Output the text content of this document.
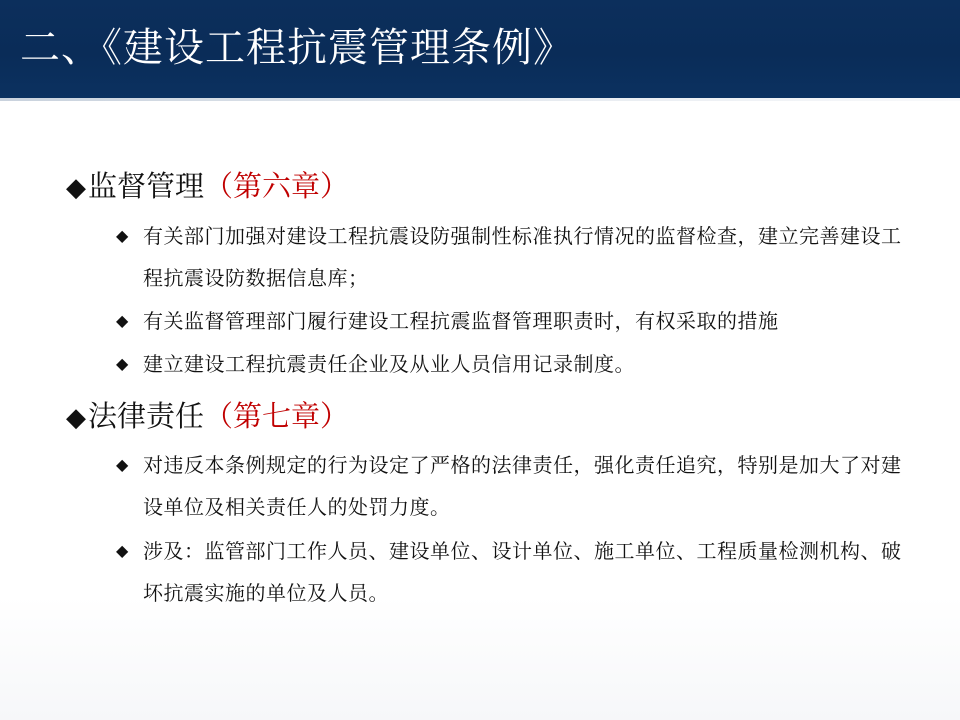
二、《建设工程抗震管理条例》
◆监督管理（第六章）
◆ 有关部门加强对建设工程抗震设防强制性标准执行情况的监督检查，建立完善建设工程抗震设防数据信息库；
◆ 有关监督管理部门履行建设工程抗震监督管理职责时，有权采取的措施
◆ 建立建设工程抗震责任企业及从业人员信用记录制度。
◆法律责任（第七章）
◆ 对违反本条例规定的行为设定了严格的法律责任，强化责任追究，特别是加大了对建设单位及相关责任人的处罚力度。
◆ 涉及：监管部门工作人员、建设单位、设计单位、施工单位、工程质量检测机构、破坏抗震实施的单位及人员。
